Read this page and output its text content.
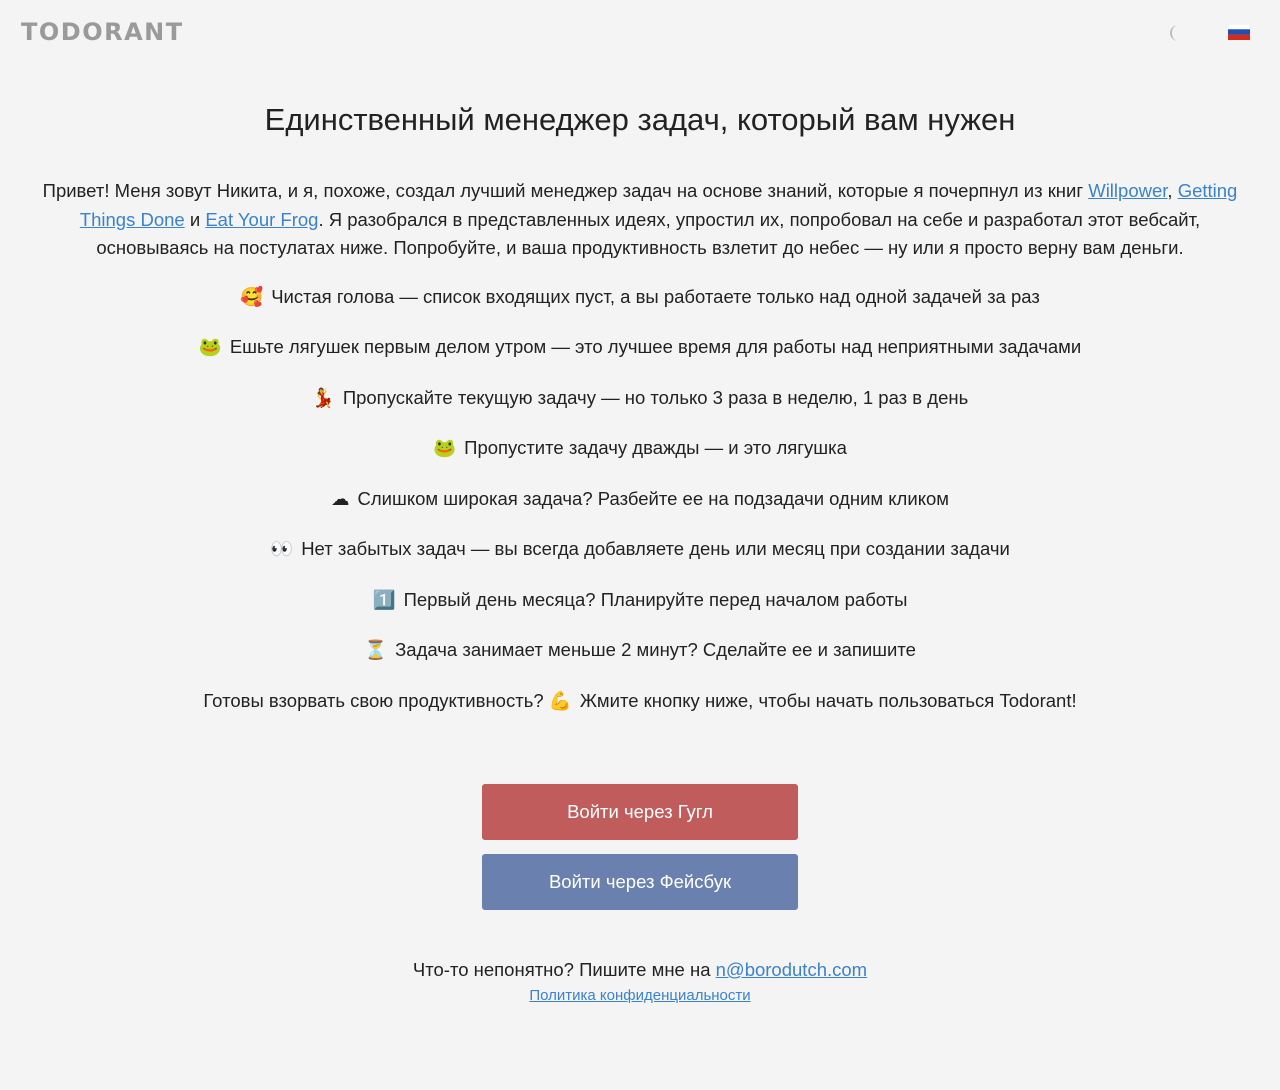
TODORANT
Единственный менеджер задач, который вам нужен

Привет! Меня зовут Никита, и я, похоже, создал лучший менеджер задач на основе знаний, которые я почерпнул из книг Willpower, Getting Things Done и Eat Your Frog. Я разобрался в представленных идеях, упростил их, попробовал на себе и разработал этот вебсайт, основываясь на постулатах ниже. Попробуйте, и ваша продуктивность взлетит до небес — ну или я просто верну вам деньги.

🥰 Чистая голова — список входящих пуст, а вы работаете только над одной задачей за раз
🐸 Ешьте лягушек первым делом утром — это лучшее время для работы над неприятными задачами
💃 Пропускайте текущую задачу — но только 3 раза в неделю, 1 раз в день
🐸 Пропустите задачу дважды — и это лягушка
☁ Слишком широкая задача? Разбейте ее на подзадачи одним кликом
👀 Нет забытых задач — вы всегда добавляете день или месяц при создании задачи
1️⃣ Первый день месяца? Планируйте перед началом работы
⏳ Задача занимает меньше 2 минут? Сделайте ее и запишите
Готовы взорвать свою продуктивность? 💪 Жмите кнопку ниже, чтобы начать пользоваться Todorant!
Войти через Гугл
Войти через Фейсбук
Что-то непонятно? Пишите мне на n@borodutch.com
Политика конфиденциальности
